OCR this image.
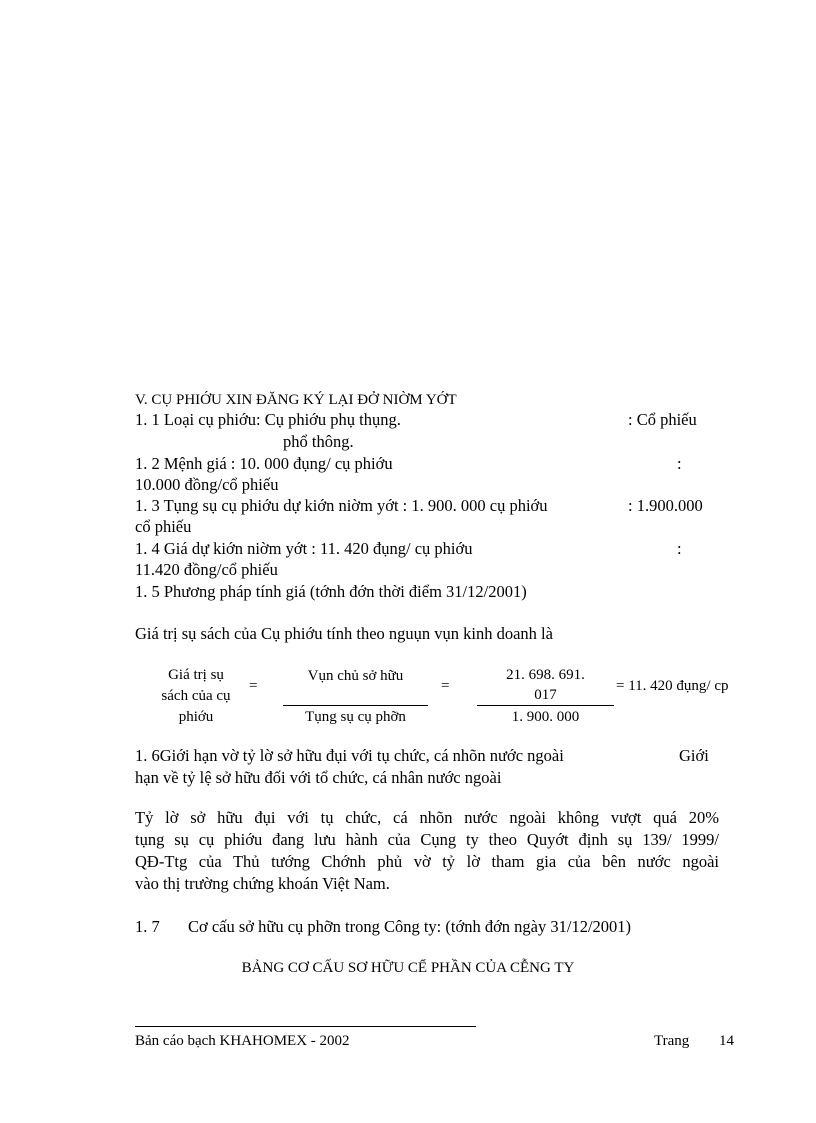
V. CỤ PHIỚU XIN ĐĂNG KÝ LẠI ĐỞ NIỜM YỚT
1. 1 Loại cụ phiớu: Cụ phiớu phụ thụng.	: Cổ phiếu
phổ thông.
1. 2 Mệnh giá : 10. 000 đụng/ cụ phiớu	:
10.000 đồng/cổ phiếu
1. 3 Tụng sụ cụ phiớu dự kiớn niờm yớt : 1. 900. 000 cụ phiớu	: 1.900.000
cổ phiếu
1. 4 Giá dự kiớn niờm yớt : 11. 420 đụng/ cụ phiớu	:
11.420 đồng/cổ phiếu
1. 5 Phương pháp tính giá (tớnh đớn thời điểm 31/12/2001)
Giá trị sụ sách của Cụ phiớu tính theo nguụn vụn kinh doanh là
Giá trị sụ
sách của cụ
phiớu
=
Vụn chủ sở hữu
Tụng sụ cụ phỡn
=
21. 698. 691.
017
1. 900. 000
= 11. 420 đụng/ cp
1. 6Giới hạn vờ tỷ lờ sở hữu đụi với tụ chức, cá nhõn nước ngoài	Giới
hạn về tỷ lệ sở hữu đối với tổ chức, cá nhân nước ngoài
Tỷ lờ sở hữu đụi với tụ chức, cá nhõn nước ngoài không vượt quá 20%
tụng sụ cụ phiớu đang lưu hành của Cụng ty theo Quyớt định sụ 139/ 1999/
QĐ-Ttg của Thủ tướng Chớnh phủ vờ tỷ lờ tham gia của bên nước ngoài
vào thị trường chứng khoán Việt Nam.
1. 7 Cơ cấu sở hữu cụ phỡn trong Công ty: (tớnh đớn ngày 31/12/2001)
BẢNG CƠ CẤU SƠ HỮU CỂ PHẦN CỦA CỄNG TY
Bản cáo bạch KHAHOMEX - 2002	Trang 14
